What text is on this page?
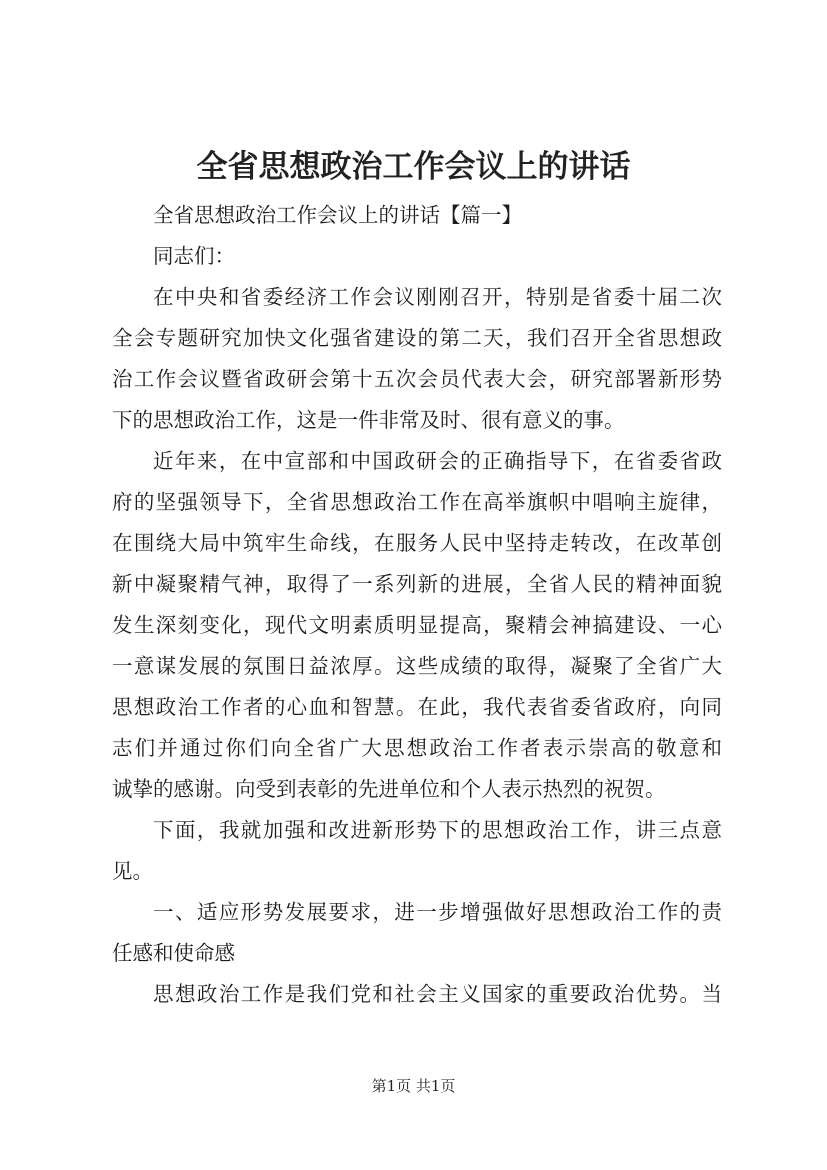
全省思想政治工作会议上的讲话
全省思想政治工作会议上的讲话【篇一】
同志们：
在中央和省委经济工作会议刚刚召开，特别是省委十届二次
全会专题研究加快文化强省建设的第二天，我们召开全省思想政
治工作会议暨省政研会第十五次会员代表大会，研究部署新形势
下的思想政治工作，这是一件非常及时、很有意义的事。
近年来，在中宣部和中国政研会的正确指导下，在省委省政
府的坚强领导下，全省思想政治工作在高举旗帜中唱响主旋律，
在围绕大局中筑牢生命线，在服务人民中坚持走转改，在改革创
新中凝聚精气神，取得了一系列新的进展，全省人民的精神面貌
发生深刻变化，现代文明素质明显提高，聚精会神搞建设、一心
一意谋发展的氛围日益浓厚。这些成绩的取得，凝聚了全省广大
思想政治工作者的心血和智慧。在此，我代表省委省政府，向同
志们并通过你们向全省广大思想政治工作者表示崇高的敬意和
诚挚的感谢。向受到表彰的先进单位和个人表示热烈的祝贺。
下面，我就加强和改进新形势下的思想政治工作，讲三点意
见。
一、适应形势发展要求，进一步增强做好思想政治工作的责
任感和使命感
思想政治工作是我们党和社会主义国家的重要政治优势。当
第1页 共1页
